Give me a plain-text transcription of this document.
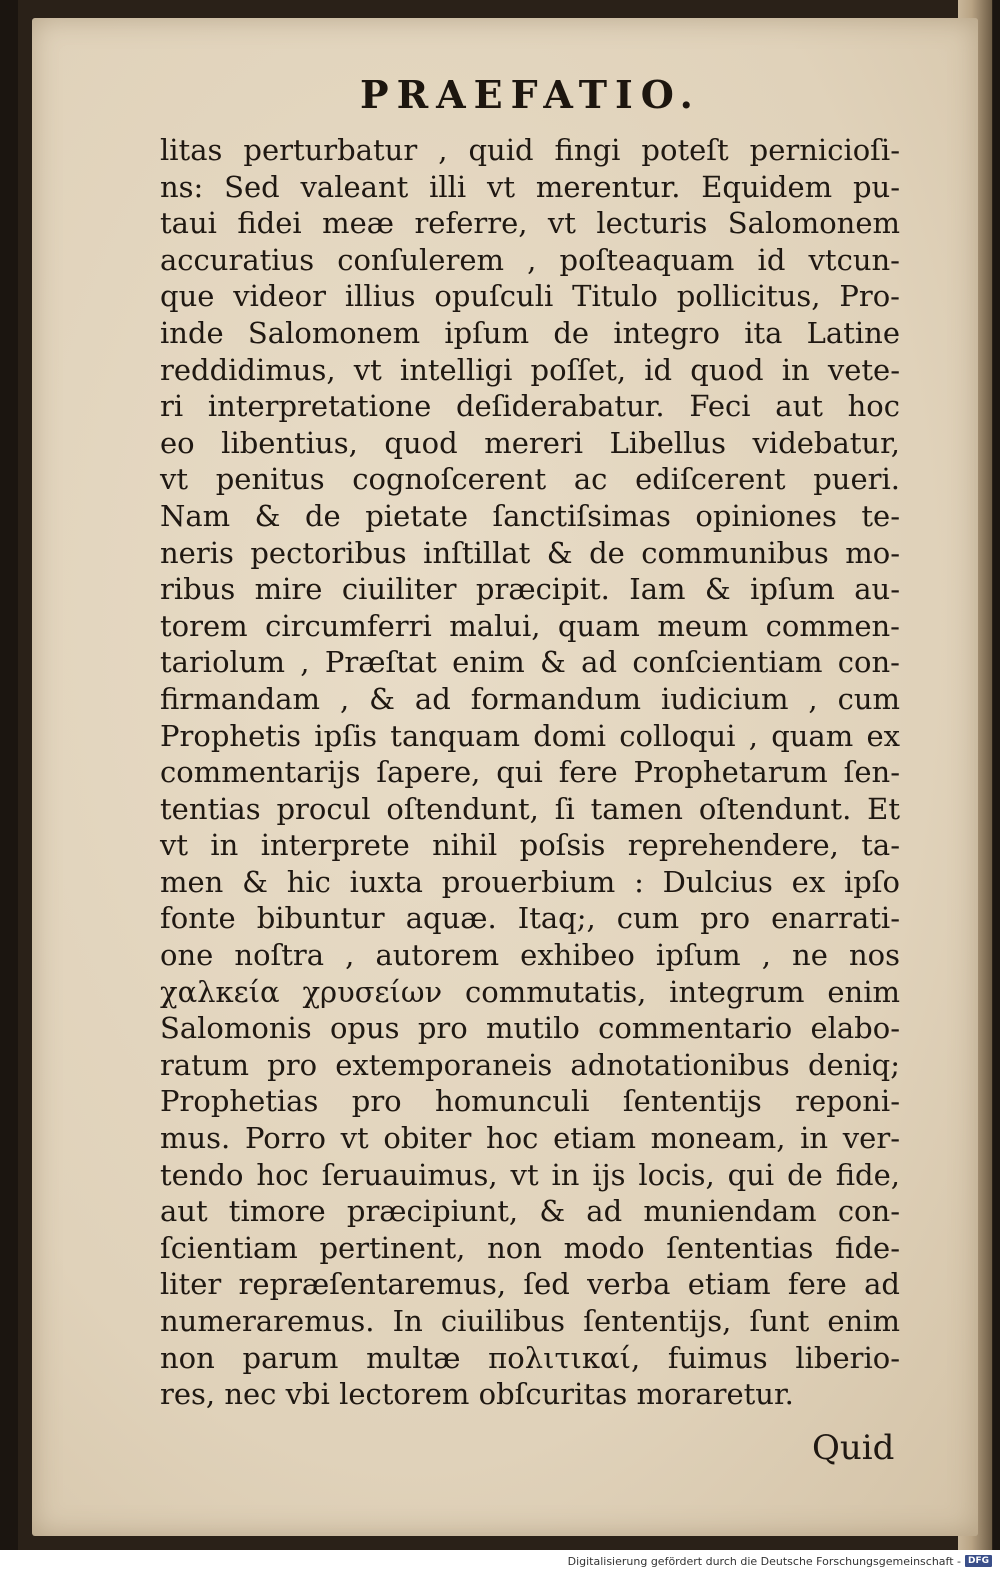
PRAEFATIO.
litas perturbatur , quid fingi poteſt pernicioſi-
ns: Sed valeant illi vt merentur. Equidem pu-
taui fidei meæ referre, vt lecturis Salomonem
accuratius conſulerem , poſteaquam id vtcun-
que videor illius opuſculi Titulo pollicitus, Pro-
inde Salomonem ipſum de integro ita Latine
reddidimus, vt intelligi poſſet, id quod in vete-
ri interpretatione deſiderabatur. Feci aut hoc
eo libentius, quod mereri Libellus videbatur,
vt penitus cognoſcerent ac ediſcerent pueri.
Nam & de pietate ſanctiſsimas opiniones te-
neris pectoribus inſtillat & de communibus mo-
ribus mire ciuiliter præcipit. Iam & ipſum au-
torem circumferri malui, quam meum commen-
tariolum , Præſtat enim & ad conſcientiam con-
firmandam , & ad formandum iudicium , cum
Prophetis ipſis tanquam domi colloqui , quam ex
commentarijs ſapere, qui fere Prophetarum ſen-
tentias procul oſtendunt, ſi tamen oſtendunt. Et
vt in interprete nihil poſsis reprehendere, ta-
men & hic iuxta prouerbium : Dulcius ex ipſo
fonte bibuntur aquæ. Itaq;, cum pro enarrati-
one noſtra , autorem exhibeo ipſum , ne nos
χαλκεία χρυσείων commutatis, integrum enim
Salomonis opus pro mutilo commentario elabo-
ratum pro extemporaneis adnotationibus deniq;
Prophetias pro homunculi ſententijs reponi-
mus. Porro vt obiter hoc etiam moneam, in ver-
tendo hoc ſeruauimus, vt in ijs locis, qui de fide,
aut timore præcipiunt, & ad muniendam con-
ſcientiam pertinent, non modo ſententias fide-
liter repræſentaremus, ſed verba etiam fere ad
numeraremus. In ciuilibus ſententijs, ſunt enim
non parum multæ πολιτικαί, fuimus liberio-
res, nec vbi lectorem obſcuritas moraretur.
Quid
Digitalisierung gefördert durch die Deutsche Forschungsgemeinschaft - DFG
